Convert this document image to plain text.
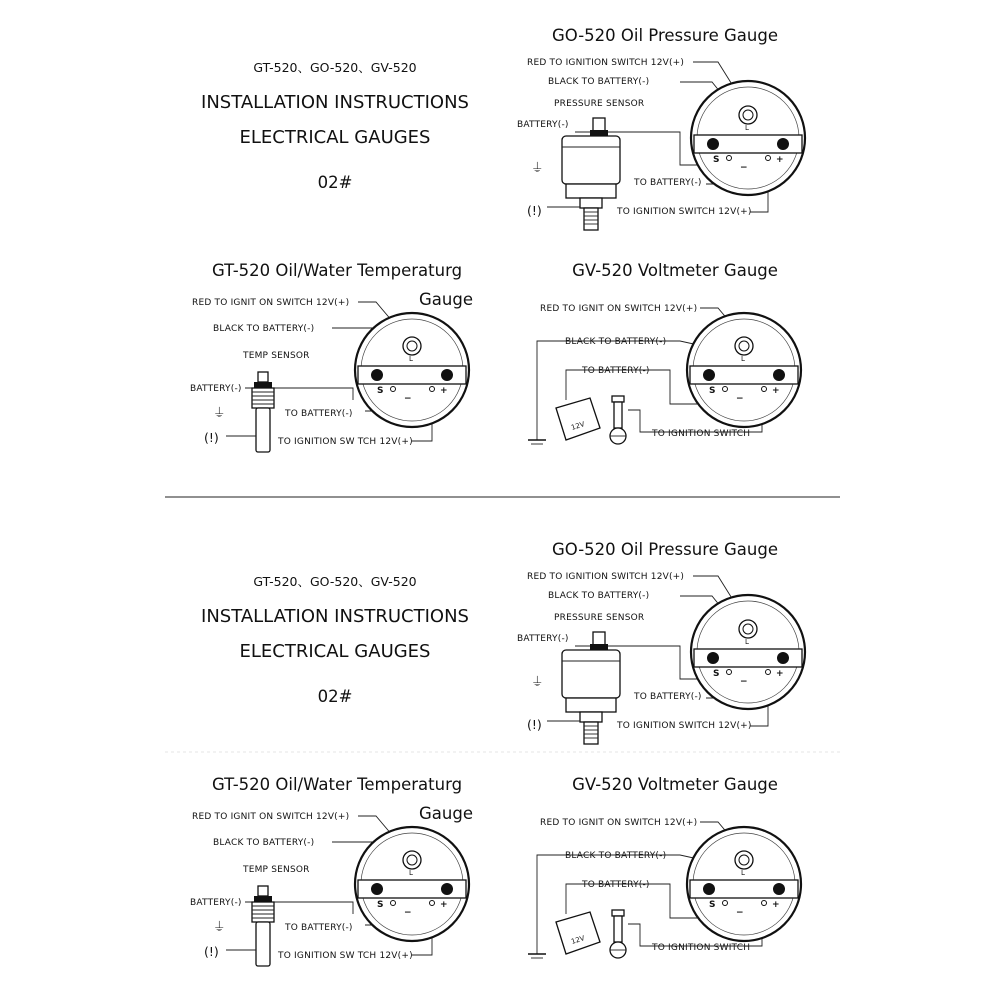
GT-520、GO-520、GV-520
INSTALLATION INSTRUCTIONS
ELECTRICAL GAUGES
02#
GO-520 Oil Pressure Gauge
RED TO IGNITION SWITCH 12V(+)
BLACK TO BATTERY(-)
PRESSURE SENSOR
BATTERY(-)
TO BATTERY(-)
TO IGNITION SWITCH 12V(+)
⏚
(!)
L
S
−
+
GT-520 Oil/Water Temperaturg
Gauge
RED TO IGNIT ON SWITCH 12V(+)
BLACK TO BATTERY(-)
TEMP SENSOR
BATTERY(-)
TO BATTERY(-)
TO IGNITION SW TCH 12V(+)
⏚
(!)
L
S
−
+
GV-520 Voltmeter Gauge
RED TO IGNIT ON SWITCH 12V(+)
BLACK TO BATTERY(-)
TO BATTERY(-)
TO IGNITION SWITCH
L
S
−
+
12V
GT-520、GO-520、GV-520
INSTALLATION INSTRUCTIONS
ELECTRICAL GAUGES
02#
GO-520 Oil Pressure Gauge
RED TO IGNITION SWITCH 12V(+)
BLACK TO BATTERY(-)
PRESSURE SENSOR
BATTERY(-)
TO BATTERY(-)
TO IGNITION SWITCH 12V(+)
⏚
(!)
L
S
−
+
GT-520 Oil/Water Temperaturg
Gauge
RED TO IGNIT ON SWITCH 12V(+)
BLACK TO BATTERY(-)
TEMP SENSOR
BATTERY(-)
TO BATTERY(-)
TO IGNITION SW TCH 12V(+)
⏚
(!)
L
S
−
+
GV-520 Voltmeter Gauge
RED TO IGNIT ON SWITCH 12V(+)
BLACK TO BATTERY(-)
TO BATTERY(-)
TO IGNITION SWITCH
L
S
−
+
12V
